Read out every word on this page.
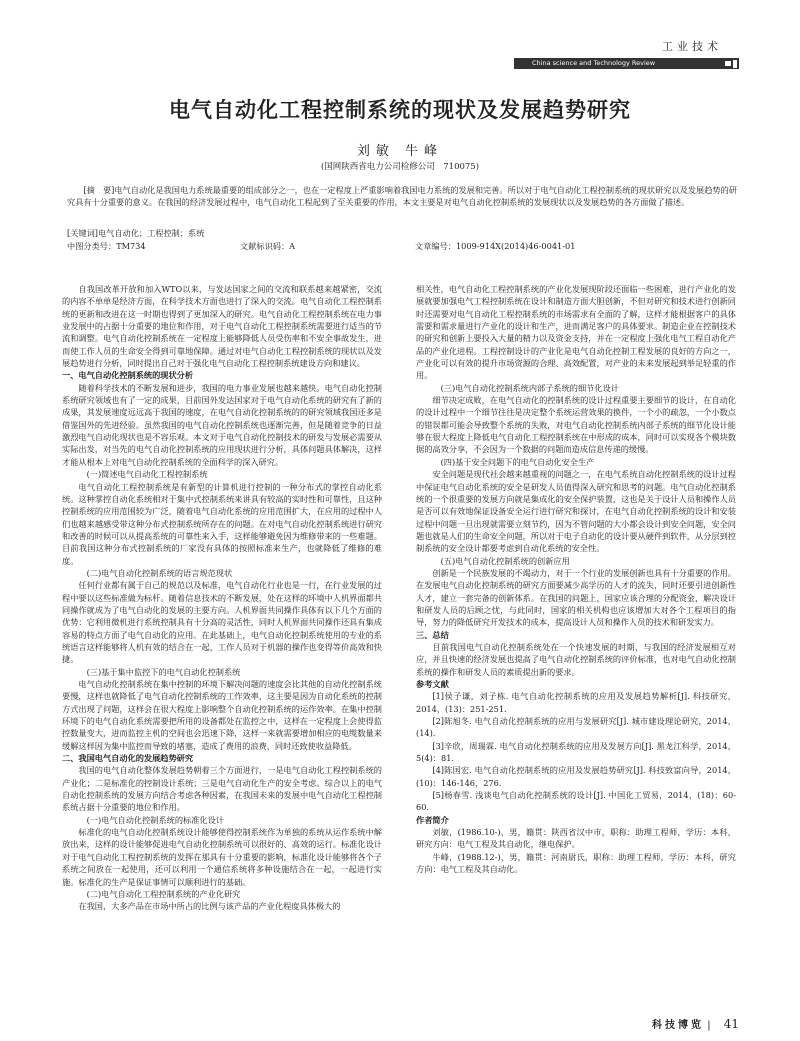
工业技术
China science and Technology Review
电气自动化工程控制系统的现状及发展趋势研究
刘敏 牛峰
(国网陕西省电力公司检修公司　710075)
[摘　要]电气自动化是我国电力系统最重要的组成部分之一，也在一定程度上严重影响着我国电力系统的发展和完善。所以对于电气自动化工程控制系统的现状研究以及发展趋势的研究具有十分重要的意义。在我国的经济发展过程中，电气自动化工程起到了至关重要的作用，本文主要是对电气自动化控制系统的发展现状以及发展趋势的各方面做了描述。
[关键词]电气自动化；工程控制；系统
中图分类号：TM734	文献标识码：A	文章编号：1009-914X(2014)46-0041-01

自我国改革开放和加入WTO以来，与发达国家之间的交流和联系越来越紧密，交流的内容不单单是经济方面，在科学技术方面也进行了深入的交流。电气自动化工程控制系统的更新和改进在这一时期也得到了更加深入的研究。电气自动化工程控制系统在电力事业发展中的占据十分重要的地位和作用，对于电气自动化工程控制系统需要进行适当的节流和调整。电气自动化控制系统在一定程度上能够降低人员受伤率和不安全事故发生，进而使工作人员的生命安全得到可靠地保障。通过对电气自动化工程控制系统的现状以及发展趋势进行分析，同时提出自己对于强化电气自动化工程控制系统建设方向和建议。

一、电气自动化控制系统的现状分析

随着科学技术的不断发展和进步，我国的电力事业发展也越来越快。电气自动化控制系统研究领域也有了一定的成果，目前国外发达国家对于电气自动化系统的研究有了新的成果，其发展速度远远高于我国的速度，在电气自动化控制系统的的研究领域我国还多是借鉴国外的先进经验。虽然我国的电气自动化控制系统也逐渐完善，但是随着竞争的日益激烈电气自动化现状也是不容乐观。本文对于电气自动化控制技术的研发与发展必需要从实际出发，对当先的电气自动化控制系统的应用现状进行分析，具体问题具体解决，这样才能从根本上对电气自动化控制系统的全面科学的深入研究。

(一)简述电气自动化工程控制系统

电气自动化工程控制系统是有新型的计算机进行控制的一种分布式的掌控自动化系统。这种掌控自动化系统相对于集中式控制系统来讲具有较高的实时性和可靠性，且这种控制系统的应用范围较为广泛，随着电气自动化系统的应用范围扩大，在应用的过程中人们也越来越感受带这种分布式控制系统所存在的问题。在对电气自动化控制系统进行研究和改善的时候可以从提高系统的可靠性来入手，这样能够避免因为维修带来的一些难题。目前我国这种分布式控制系统的厂家没有具体的按照标准来生产，也就降低了维修的难度。

(二)电气自动化控制系统的语言规范现状

任何行业都有属于自己的规范以及标准，电气自动化行业也是一行，在行业发展的过程中要以这些标准做为标杆。随着信息技术的不断发展，处在这样的环境中人机界面都共同操作就成为了电气自动化的发展的主要方向。人机界面共同操作具体有以下几个方面的优势：它利用微机进行系统控制具有十分高的灵活性，同时人机界面共同操作还具有集成容易的特点方面了电气自动化的应用。在此基础上，电气自动化控制系统使用的专业的系统语言这样能够将人机有效的结合在一起，工作人员对于机器的操作也变得等价高效和快捷。

(三)基于集中监控下的电气自动化控制系统

电气自动化控制系统在集中控制的环境下解决问题的速度会比其他的自动化控制系统要慢，这样也就降低了电气自动化控制系统的工作效率，这主要是因为自动化系统的控制方式出现了问题，这样会在很大程度上影响整个自动化控制系统的运作效率。在集中控制环境下的电气自动化系统需要把所用的设备都处在监控之中，这样在一定程度上会使得监控数量变大，进而监控主机的空间也会迅速下降，这样一来就需要增加相应的电缆数量来缓解这样因为集中监控而导致的堵塞，造成了费用的浪费，同时还致使收益降低。

二、我国电气自动化的发展趋势研究

我国的电气自动化整体发展趋势朝着三个方面进行，一是电气自动化工程控制系统的产业化；二是标准化的控制设计系统；三是电气自动化生产的安全考虑。综合以上的电气自动化控制系统的发展方向结合考虑各种因素，在我国未来的发展中电气自动化工程控制系统占据十分重要的地位和作用。

(一)电气自动化控制系统的标准化设计

标准化的电气自动化控制系统设计能够使得控制系统作为单独的系统从运作系统中解放出来，这样的设计能够促进电气自动化控制系统可以很好的、高效的运行。标准化设计对于电气自动化工程控制系统的发挥在那具有十分重要的影响，标准化设计能够将各个子系统之间放在一起使用，还可以利用一个通信系统将多种设施结合在一起，一起进行实施。标准化的生产是保证事情可以顺利进行的基础。

(二)电气自动化工程控制系统的产业化研究

在我国，大多产品在市场中所占的比例与该产品的产业化程度具体极大的

相关性，电气自动化工程控制系统的产业化发展现阶段还面临一些困难，进行产业化的发展就要加强电气工程控制系统在设计和制造方面大胆创新，不但对研究和技术进行创新同时还需要对电气自动化工程控制系统的市场需求有全面的了解，这样才能根据客户的具体需要和需求量进行产业化的设计和生产，进而满足客户的具体要求。制造企业在控制技术的研究和创新上要投入大量的精力以及资金支持，并在一定程度上强化电气工程自动化产品的产业化进程。工程控制设计的产业化是电气自动化控制工程发展的良好的方向之一，产业化可以有效的提升市场资源的合理、高效配置，对产业的未来发展起到举足轻重的作用。

(三)电气自动化控制系统内部子系统的细节化设计

细节决定成败，在电气自动化的控制系统的设计过程重要主要细节的设计，在自动化的设计过程中一个细节往往是决定整个系统运营效果的换件，一个小的疏忽，一个小数点的错误都可能会导致整个系统的失败，对电气自动化控制系统内部子系统的细节化设计能够在很大程度上降低电气自动化工程控制系统在中形成的成本，同时可以实现各个模块数据的高效分享，不会因为一个数据的问题而造成信息传递的缓慢。

(四)基于安全问题下的电气自动化安全生产

安全问题是现代社会越来越重视的问题之一，在电气系统自动化控制系统的设计过程中保证电气自动化系统的安全是研发人员值得深入研究和思考的问题。电气自动化控制系统的一个很重要的发展方向就是集成化的安全保护装置，这也是关于设计人员和操作人员是否可以有效地保证设备安全运行进行研究和探讨，在电气自动化控制系统的设计和安装过程中问题一旦出现就需要立刻节约，因为不管问题的大小都会设计到安全问题，安全问题也就是人们的生命安全问题，所以对于电子自动化的设计要从硬件到软件，从分层到控制系统的安全设计都要考虑到自动化系统的安全性。

(五)电气自动化控制系统的创新应用

创新是一个民族发展的不竭动力，对于一个行业的发展创新也具有十分重要的作用。在发展电气自动化控制系统的研究方面要减少高学历的人才的流失，同时还要引进创新性人才，建立一套完备的创新体系。在我国的问题上，国家应该合理的分配资金，解决设计和研发人员的后顾之忧，与此同时，国家的相关机构也应该增加大对各个工程项目的指导，努力的降低研究开发技术的成本，提高设计人员和操作人员的技术和研发实力。

三、总结

目前我国电气自动化控制系统处在一个快速发展的时期，与我国的经济发展相互对应，并且快速的经济发展也提高了电气自动化控制系统的评价标准，也对电气自动化控制系统的操作和研发人员的素质提出新的要求。

参考文献

[1]侯子谦，刘子栋. 电气自动化控制系统的应用及发展趋势解析[J]. 科技研究，2014，(13)：251-251.

[2]陈旭冬. 电气自动化控制系统的应用与发展研究[J]. 城市建设理论研究，2014，(14).

[3]辛欣，周瑞霖. 电气自动化控制系统的应用及发展方向[J]. 黑龙江科学，2014，5(4)：81.

[4]陈国宏. 电气自动化控制系统的应用及发展趋势研究[J]. 科技致富向导，2014，(10)：146-146，276.

[5]杨春雪. 浅谈电气自动化控制系统的设计[J]. 中国化工贸易，2014，(18)：60-60.

作者简介

刘敏，(1986.10-)，男，籍贯：陕西省汉中市，职称：助理工程师，学历：本科，研究方向：电气工程及其自动化，继电保护。

牛峰，(1988.12-)，男，籍贯：河南尉氏，职称：助理工程师，学历：本科，研究方向：电气工程及其自动化。

科技博览 | 41
